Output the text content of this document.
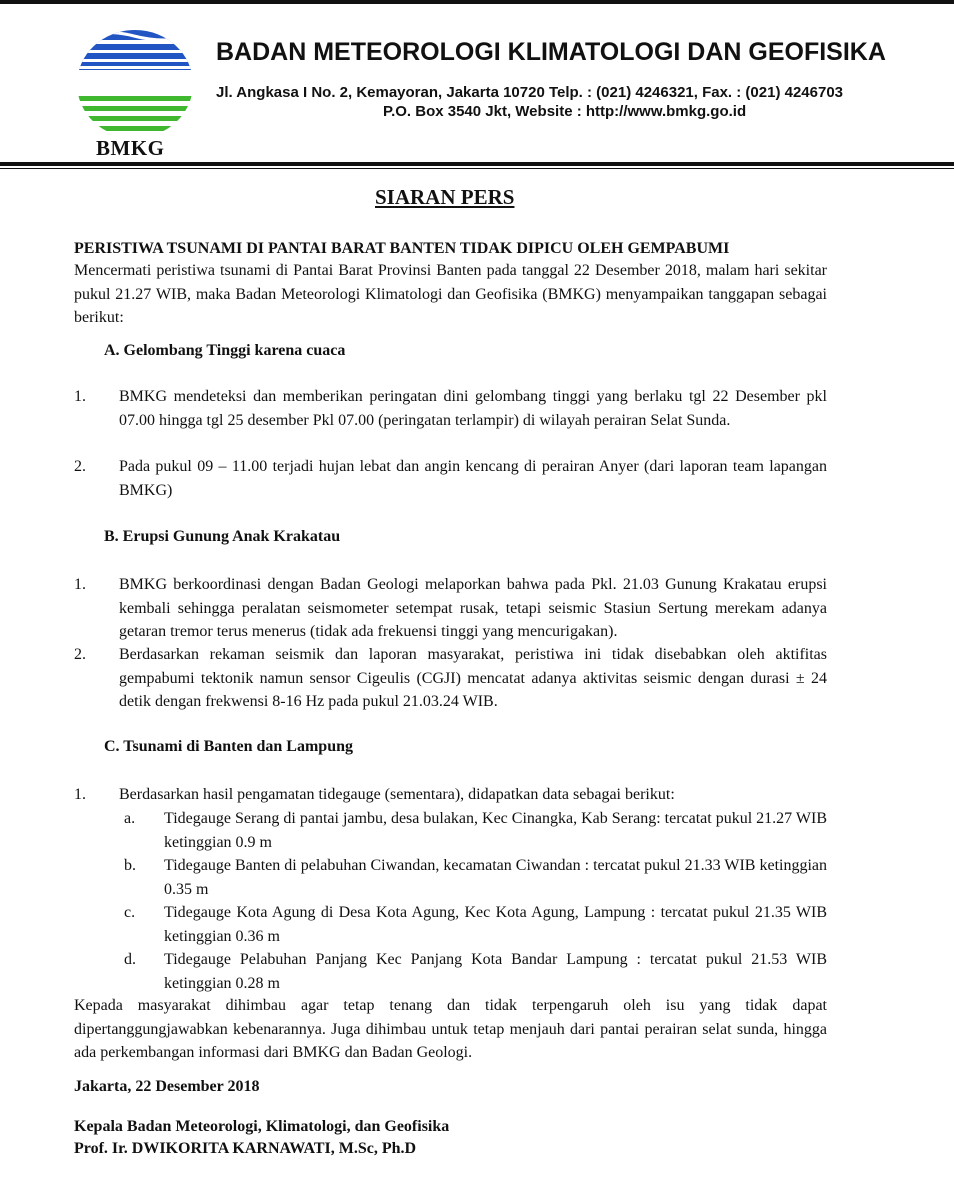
BMKG
BADAN METEOROLOGI KLIMATOLOGI DAN GEOFISIKA
Jl. Angkasa I No. 2, Kemayoran, Jakarta 10720 Telp. : (021) 4246321, Fax. : (021) 4246703
P.O. Box 3540 Jkt, Website : http://www.bmkg.go.id
SIARAN PERS
PERISTIWA TSUNAMI DI PANTAI BARAT BANTEN TIDAK DIPICU OLEH GEMPABUMI
Mencermati peristiwa tsunami di Pantai Barat Provinsi Banten pada tanggal 22 Desember 2018, malam hari sekitar pukul 21.27 WIB, maka Badan Meteorologi Klimatologi dan Geofisika (BMKG) menyampaikan tanggapan sebagai berikut:
A. Gelombang Tinggi karena cuaca
1. BMKG mendeteksi dan memberikan peringatan dini gelombang tinggi yang berlaku tgl 22 Desember pkl 07.00 hingga tgl 25 desember Pkl 07.00 (peringatan terlampir) di wilayah perairan Selat Sunda.
2. Pada pukul 09 – 11.00 terjadi hujan lebat dan angin kencang di perairan Anyer (dari laporan team lapangan BMKG)
B. Erupsi Gunung Anak Krakatau
1. BMKG berkoordinasi dengan Badan Geologi melaporkan bahwa pada Pkl. 21.03 Gunung Krakatau erupsi kembali sehingga peralatan seismometer setempat rusak, tetapi seismic Stasiun Sertung merekam adanya getaran tremor terus menerus (tidak ada frekuensi tinggi yang mencurigakan).
2. Berdasarkan rekaman seismik dan laporan masyarakat, peristiwa ini tidak disebabkan oleh aktifitas gempabumi tektonik namun sensor Cigeulis (CGJI) mencatat adanya aktivitas seismic dengan durasi ± 24 detik dengan frekwensi 8-16 Hz pada pukul 21.03.24 WIB.
C. Tsunami di Banten dan Lampung
1. Berdasarkan hasil pengamatan tidegauge (sementara), didapatkan data sebagai berikut:
a. Tidegauge Serang di pantai jambu, desa bulakan, Kec Cinangka, Kab Serang: tercatat pukul 21.27 WIB ketinggian 0.9 m
b. Tidegauge Banten di pelabuhan Ciwandan, kecamatan Ciwandan : tercatat pukul 21.33 WIB ketinggian 0.35 m
c. Tidegauge Kota Agung di Desa Kota Agung, Kec Kota Agung, Lampung : tercatat pukul 21.35 WIB ketinggian 0.36 m
d. Tidegauge Pelabuhan Panjang Kec Panjang Kota Bandar Lampung : tercatat pukul 21.53 WIB ketinggian 0.28 m
Kepada masyarakat dihimbau agar tetap tenang dan tidak terpengaruh oleh isu yang tidak dapat dipertanggungjawabkan kebenarannya. Juga dihimbau untuk tetap menjauh dari pantai perairan selat sunda, hingga ada perkembangan informasi dari BMKG dan Badan Geologi.
Jakarta, 22 Desember 2018
Kepala Badan Meteorologi, Klimatologi, dan Geofisika
Prof. Ir. DWIKORITA KARNAWATI, M.Sc, Ph.D
